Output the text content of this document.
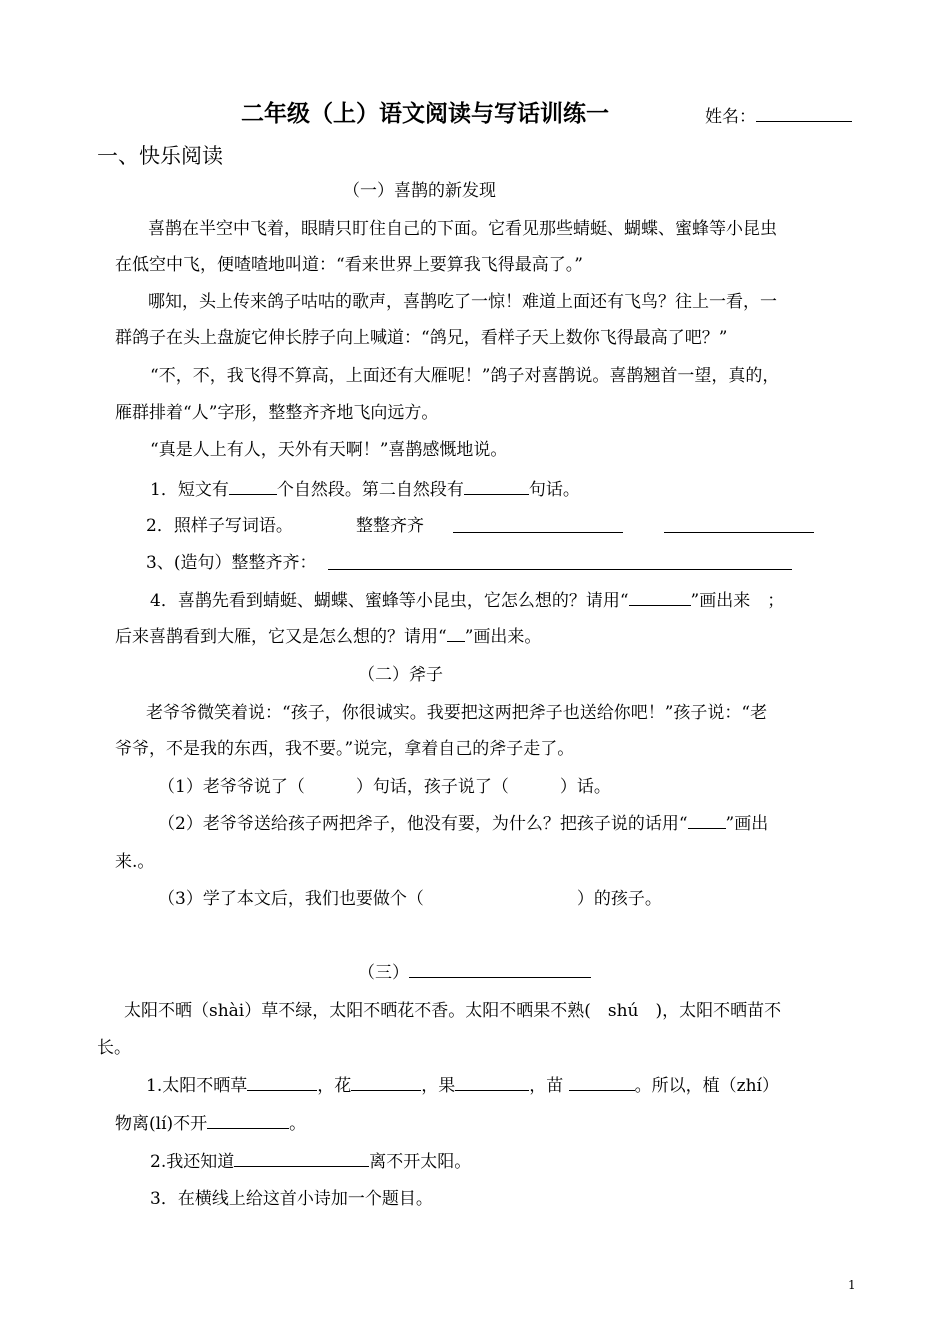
二年级（上）语文阅读与写话训练一	姓名：
一、快乐阅读
（一）喜鹊的新发现
喜鹊在半空中飞着，眼睛只盯住自己的下面。它看见那些蜻蜓、蝴蝶、蜜蜂等小昆虫
在低空中飞，便喳喳地叫道：“看来世界上要算我飞得最高了。”
哪知，头上传来鸽子咕咕的歌声，喜鹊吃了一惊！难道上面还有飞鸟？往上一看，一
群鸽子在头上盘旋它伸长脖子向上喊道：“鸽兄，看样子天上数你飞得最高了吧？”
“不，不，我飞得不算高，上面还有大雁呢！”鸽子对喜鹊说。喜鹊翘首一望，真的，
雁群排着“人”字形，整整齐齐地飞向远方。
“真是人上有人，天外有天啊！”喜鹊感慨地说。
1．短文有	个自然段。第二自然段有	句话。
2．照样子写词语。	整整齐齐
3、(造句）整整齐齐：
4．喜鹊先看到蜻蜓、蝴蝶、蜜蜂等小昆虫，它怎么想的？请用“	”画出来　；
后来喜鹊看到大雁，它又是怎么想的？请用“ ”画出来。
（二）斧子
老爷爷微笑着说：“孩子，你很诚实。我要把这两把斧子也送给你吧！”孩子说：“老
爷爷，不是我的东西，我不要。”说完，拿着自己的斧子走了。
（1）老爷爷说了（　　　）句话，孩子说了（　　　）话。
（2）老爷爷送给孩子两把斧子，他没有要，为什么？把孩子说的话用“ ”画出
来.。
（3）学了本文后，我们也要做个（　　　　　　　　　）的孩子。
（三）
太阳不晒（shài）草不绿，太阳不晒花不香。太阳不晒果不熟(　shú　)，太阳不晒苗不
长。
1.太阳不晒草	，花	，果	，苗	。所以，植（zhí）
物离(lí)不开	。
2.我还知道	离不开太阳。
3．在横线上给这首小诗加一个题目。
1
